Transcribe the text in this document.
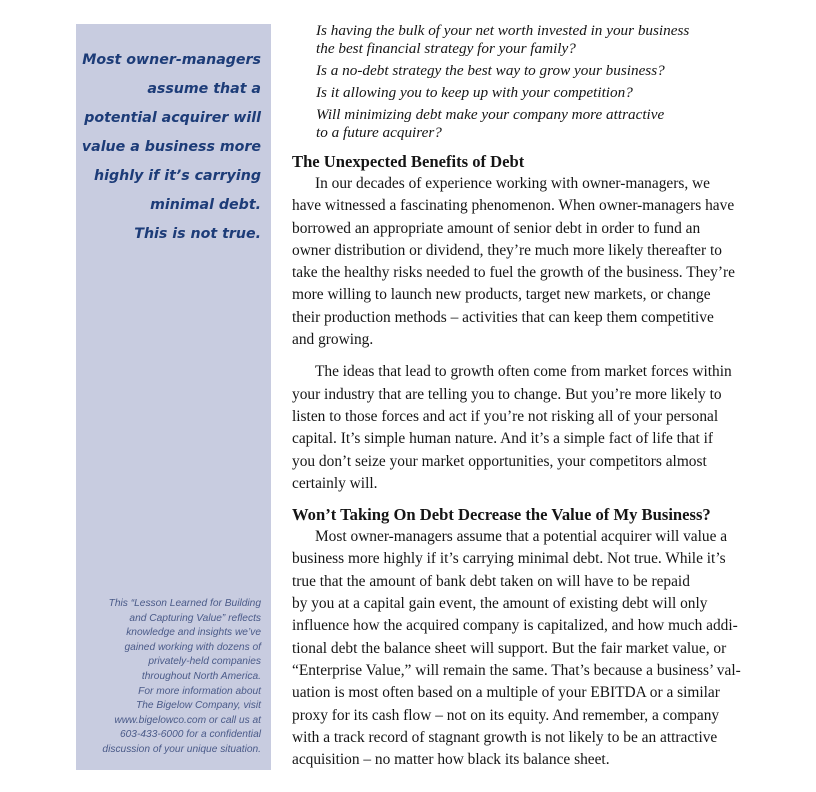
Most owner-managers
assume that a
potential acquirer will
value a business more
highly if it’s carrying
minimal debt.
This is not true.
This “Lesson Learned for Building
and Capturing Value” reflects
knowledge and insights we’ve
gained working with dozens of
privately-held companies
throughout North America.
For more information about
The Bigelow Company, visit
www.bigelowco.com or call us at
603-433-6000 for a confidential
discussion of your unique situation.
Is having the bulk of your net worth invested in your business
the best financial strategy for your family?
Is a no-debt strategy the best way to grow your business?
Is it allowing you to keep up with your competition?
Will minimizing debt make your company more attractive
to a future acquirer?
The Unexpected Benefits of Debt
In our decades of experience working with owner-managers, we
have witnessed a fascinating phenomenon. When owner-managers have
borrowed an appropriate amount of senior debt in order to fund an
owner distribution or dividend, they’re much more likely thereafter to
take the healthy risks needed to fuel the growth of the business. They’re
more willing to launch new products, target new markets, or change
their production methods – activities that can keep them competitive
and growing.
The ideas that lead to growth often come from market forces within
your industry that are telling you to change. But you’re more likely to
listen to those forces and act if you’re not risking all of your personal
capital. It’s simple human nature. And it’s a simple fact of life that if
you don’t seize your market opportunities, your competitors almost
certainly will.
Won’t Taking On Debt Decrease the Value of My Business?
Most owner-managers assume that a potential acquirer will value a
business more highly if it’s carrying minimal debt. Not true. While it’s
true that the amount of bank debt taken on will have to be repaid
by you at a capital gain event, the amount of existing debt will only
influence how the acquired company is capitalized, and how much addi-
tional debt the balance sheet will support. But the fair market value, or
“Enterprise Value,” will remain the same. That’s because a business’ val-
uation is most often based on a multiple of your EBITDA or a similar
proxy for its cash flow – not on its equity. And remember, a company
with a track record of stagnant growth is not likely to be an attractive
acquisition – no matter how black its balance sheet.
